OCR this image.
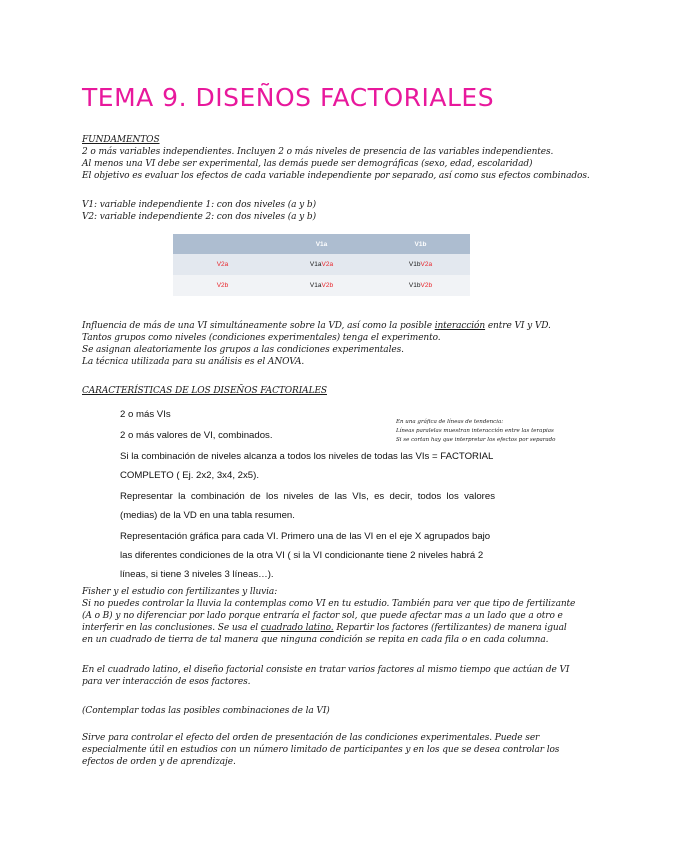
TEMA 9. DISEÑOS FACTORIALES
FUNDAMENTOS
2 o más variables independientes. Incluyen 2 o más niveles de presencia de las variables independientes.
Al menos una VI debe ser experimental, las demás puede ser demográficas (sexo, edad, escolaridad)
El objetivo es evaluar los efectos de cada variable independiente por separado, así como sus efectos combinados.
V1: variable independiente 1: con dos niveles (a y b)
V2: variable independiente 2: con dos niveles (a y b)
	V1a	V1b
V2a	V1aV2a	V1bV2a
V2b	V1aV2b	V1bV2b
Influencia de más de una VI simultáneamente sobre la VD, así como la posible interacción entre VI y VD.
Tantos grupos como niveles (condiciones experimentales) tenga el experimento.
Se asignan aleatoriamente los grupos a las condiciones experimentales.
La técnica utilizada para su análisis es el ANOVA.
CARACTERÍSTICAS DE LOS DISEÑOS FACTORIALES
2 o más VIs
2 o más valores de VI, combinados.
Si la combinación de niveles alcanza a todos los niveles de todas las VIs = FACTORIAL
COMPLETO ( Ej. 2x2, 3x4, 2x5).
Representar la combinación de los niveles de las VIs, es decir, todos los valores
(medias) de la VD en una tabla resumen.
Representación gráfica para cada VI. Primero una de las VI en el eje X agrupados bajo
las diferentes condiciones de la otra VI ( si la VI condicionante tiene 2 niveles habrá 2
líneas, si tiene 3 niveles 3 líneas…).
En una gráfica de líneas de tendencia:
Líneas paralelas muestran interacción entre las terapias
Si se cortan hay que interpretar los efectos por separado
Fisher y el estudio con fertilizantes y lluvia:
Si no puedes controlar la lluvia la contemplas como VI en tu estudio. También para ver que tipo de fertilizante
(A o B) y no diferenciar por lado porque entraría el factor sol, que puede afectar mas a un lado que a otro e
interferir en las conclusiones. Se usa el cuadrado latino. Repartir los factores (fertilizantes) de manera igual
en un cuadrado de tierra de tal manera que ninguna condición se repita en cada fila o en cada columna.
En el cuadrado latino, el diseño factorial consiste en tratar varios factores al mismo tiempo que actúan de VI
para ver interacción de esos factores.
(Contemplar todas las posibles combinaciones de la VI)
Sirve para controlar el efecto del orden de presentación de las condiciones experimentales. Puede ser
especialmente útil en estudios con un número limitado de participantes y en los que se desea controlar los
efectos de orden y de aprendizaje.
